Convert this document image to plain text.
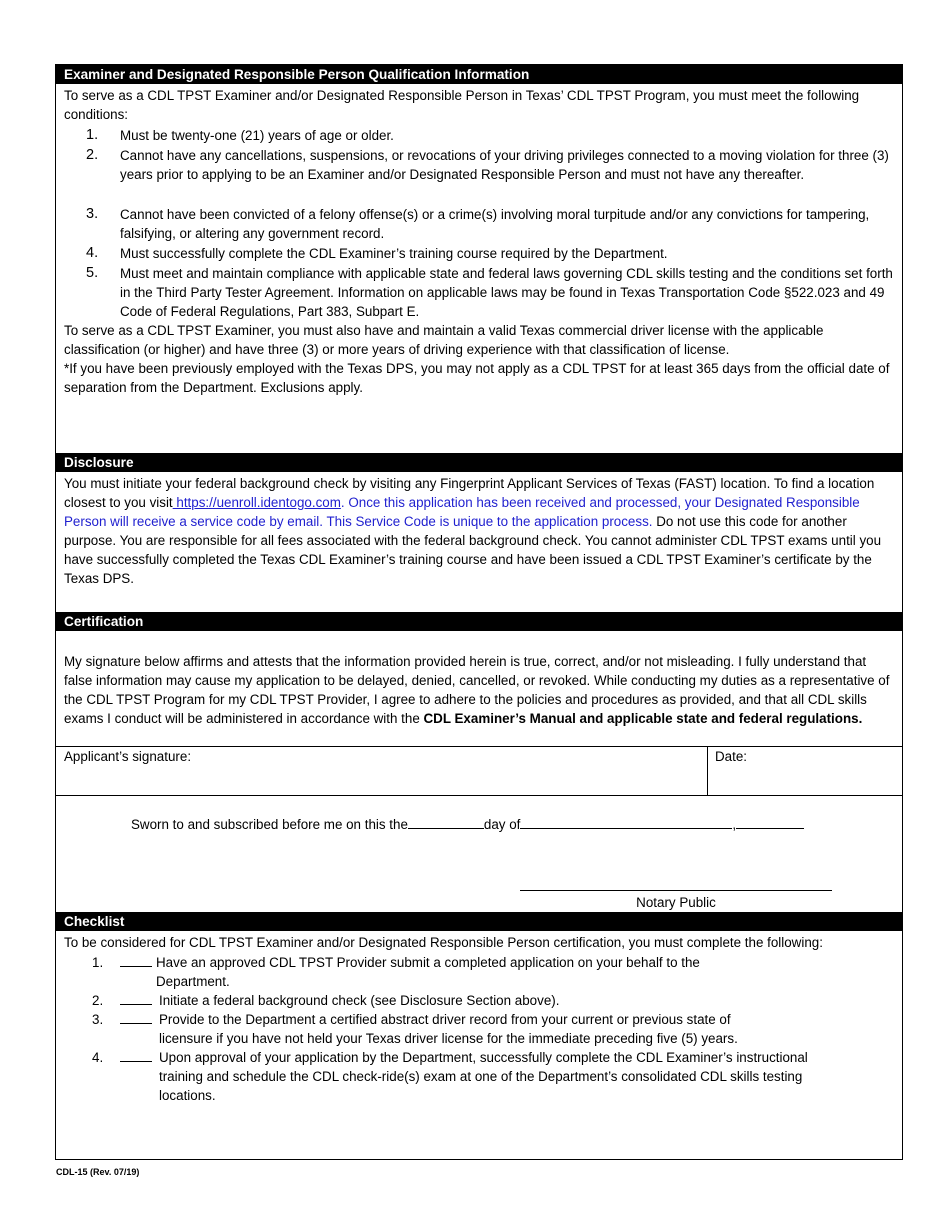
Examiner and Designated Responsible Person Qualification Information

To serve as a CDL TPST Examiner and/or Designated Responsible Person in Texas’ CDL TPST Program, you must meet the following conditions:

1.	Must be twenty-one (21) years of age or older.
2.	Cannot have any cancellations, suspensions, or revocations of your driving privileges connected to a moving violation for three (3) years prior to applying to be an Examiner and/or Designated Responsible Person and must not have any thereafter.
3.	Cannot have been convicted of a felony offense(s) or a crime(s) involving moral turpitude and/or any convictions for tampering, falsifying, or altering any government record.
4.	Must successfully complete the CDL Examiner’s training course required by the Department.
5.	Must meet and maintain compliance with applicable state and federal laws governing CDL skills testing and the conditions set forth in the Third Party Tester Agreement. Information on applicable laws may be found in Texas Transportation Code §522.023 and 49 Code of Federal Regulations, Part 383, Subpart E.

To serve as a CDL TPST Examiner, you must also have and maintain a valid Texas commercial driver license with the applicable classification (or higher) and have three (3) or more years of driving experience with that classification of license.

*If you have been previously employed with the Texas DPS, you may not apply as a CDL TPST for at least 365 days from the official date of separation from the Department. Exclusions apply.

Disclosure

You must initiate your federal background check by visiting any Fingerprint Applicant Services of Texas (FAST) location. To find a location closest to you visit https://uenroll.identogo.com. Once this application has been received and processed, your Designated Responsible Person will receive a service code by email. This Service Code is unique to the application process. Do not use this code for another purpose. You are responsible for all fees associated with the federal background check. You cannot administer CDL TPST exams until you have successfully completed the Texas CDL Examiner’s training course and have been issued a CDL TPST Examiner’s certificate by the Texas DPS.

Certification

My signature below affirms and attests that the information provided herein is true, correct, and/or not misleading. I fully understand that false information may cause my application to be delayed, denied, cancelled, or revoked. While conducting my duties as a representative of the CDL TPST Program for my CDL TPST Provider, I agree to adhere to the policies and procedures as provided, and that all CDL skills exams I conduct will be administered in accordance with the CDL Examiner’s Manual and applicable state and federal regulations.

Applicant’s signature:	Date:
Sworn to and subscribed before me on this the	day of	,
Notary Public
Checklist

To be considered for CDL TPST Examiner and/or Designated Responsible Person certification, you must complete the following:

1.	Have an approved CDL TPST Provider submit a completed application on your behalf to the Department.
2.	Initiate a federal background check (see Disclosure Section above).
3.	Provide to the Department a certified abstract driver record from your current or previous state of licensure if you have not held your Texas driver license for the immediate preceding five (5) years.
4.	Upon approval of your application by the Department, successfully complete the CDL Examiner’s instructional training and schedule the CDL check-ride(s) exam at one of the Department’s consolidated CDL skills testing locations.
CDL-15 (Rev. 07/19)
